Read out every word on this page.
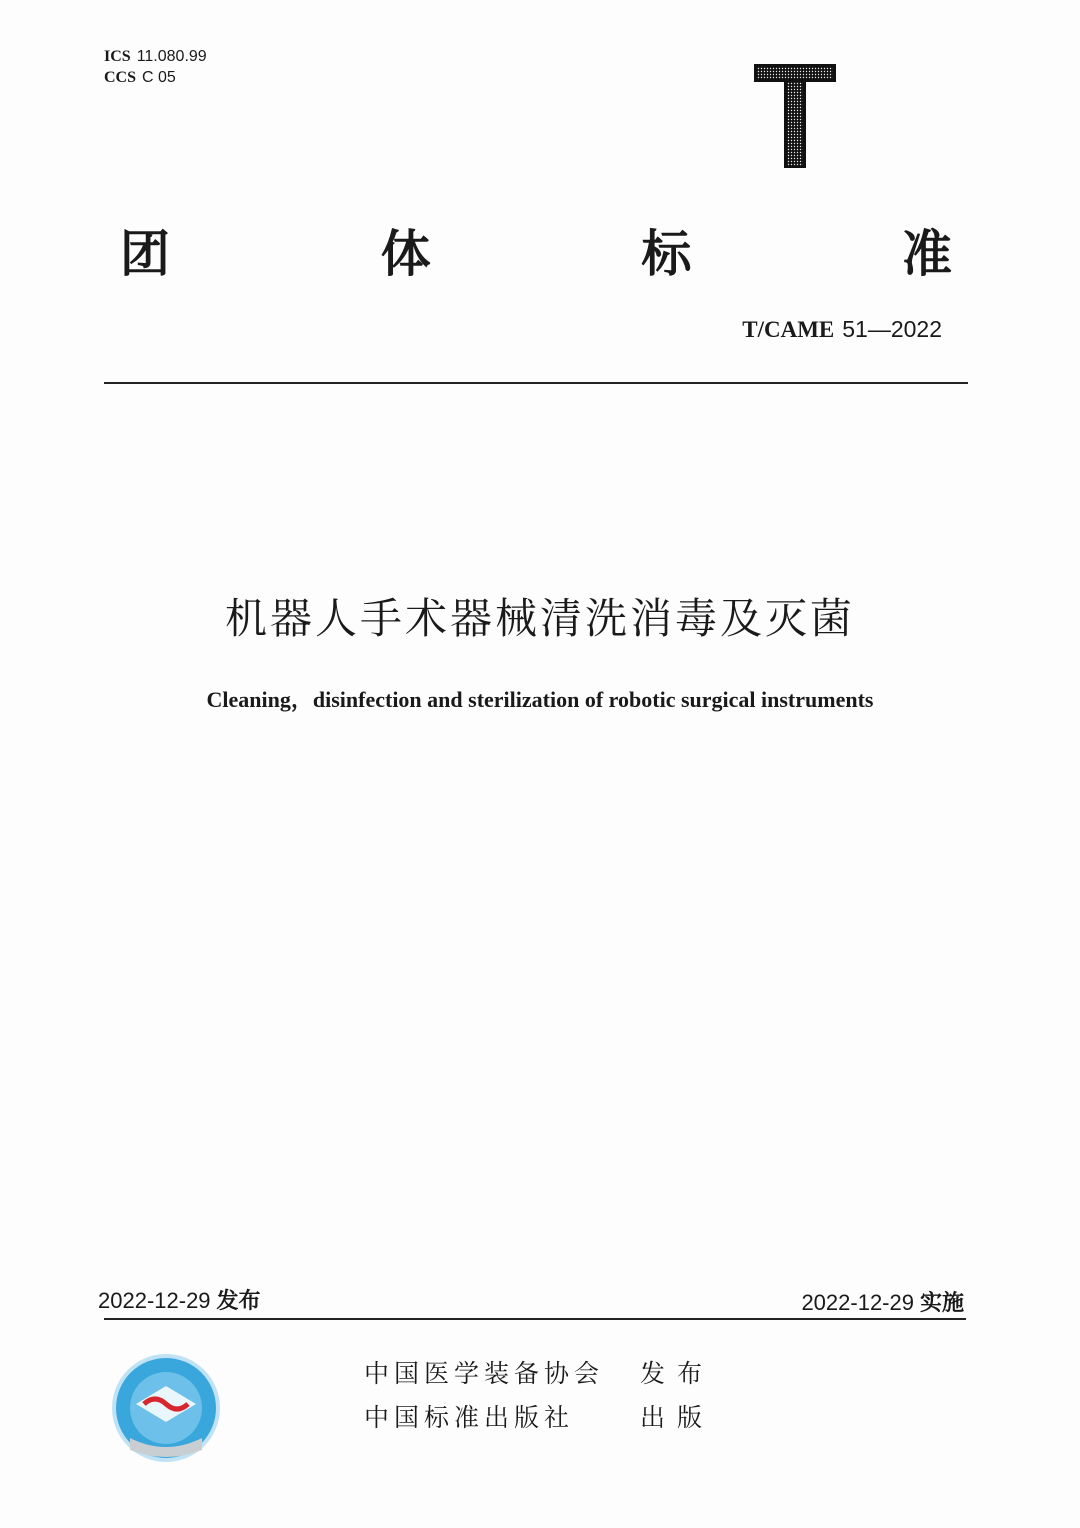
ICS 11.080.99
CCS C 05
团	体	标	准
T/CAME 51—2022
机器人手术器械清洗消毒及灭菌
Cleaning，disinfection and sterilization of robotic surgical instruments
2022-12-29 发布	2022-12-29 实施
中国医学装备协会	发布
中国标准出版社	出版
